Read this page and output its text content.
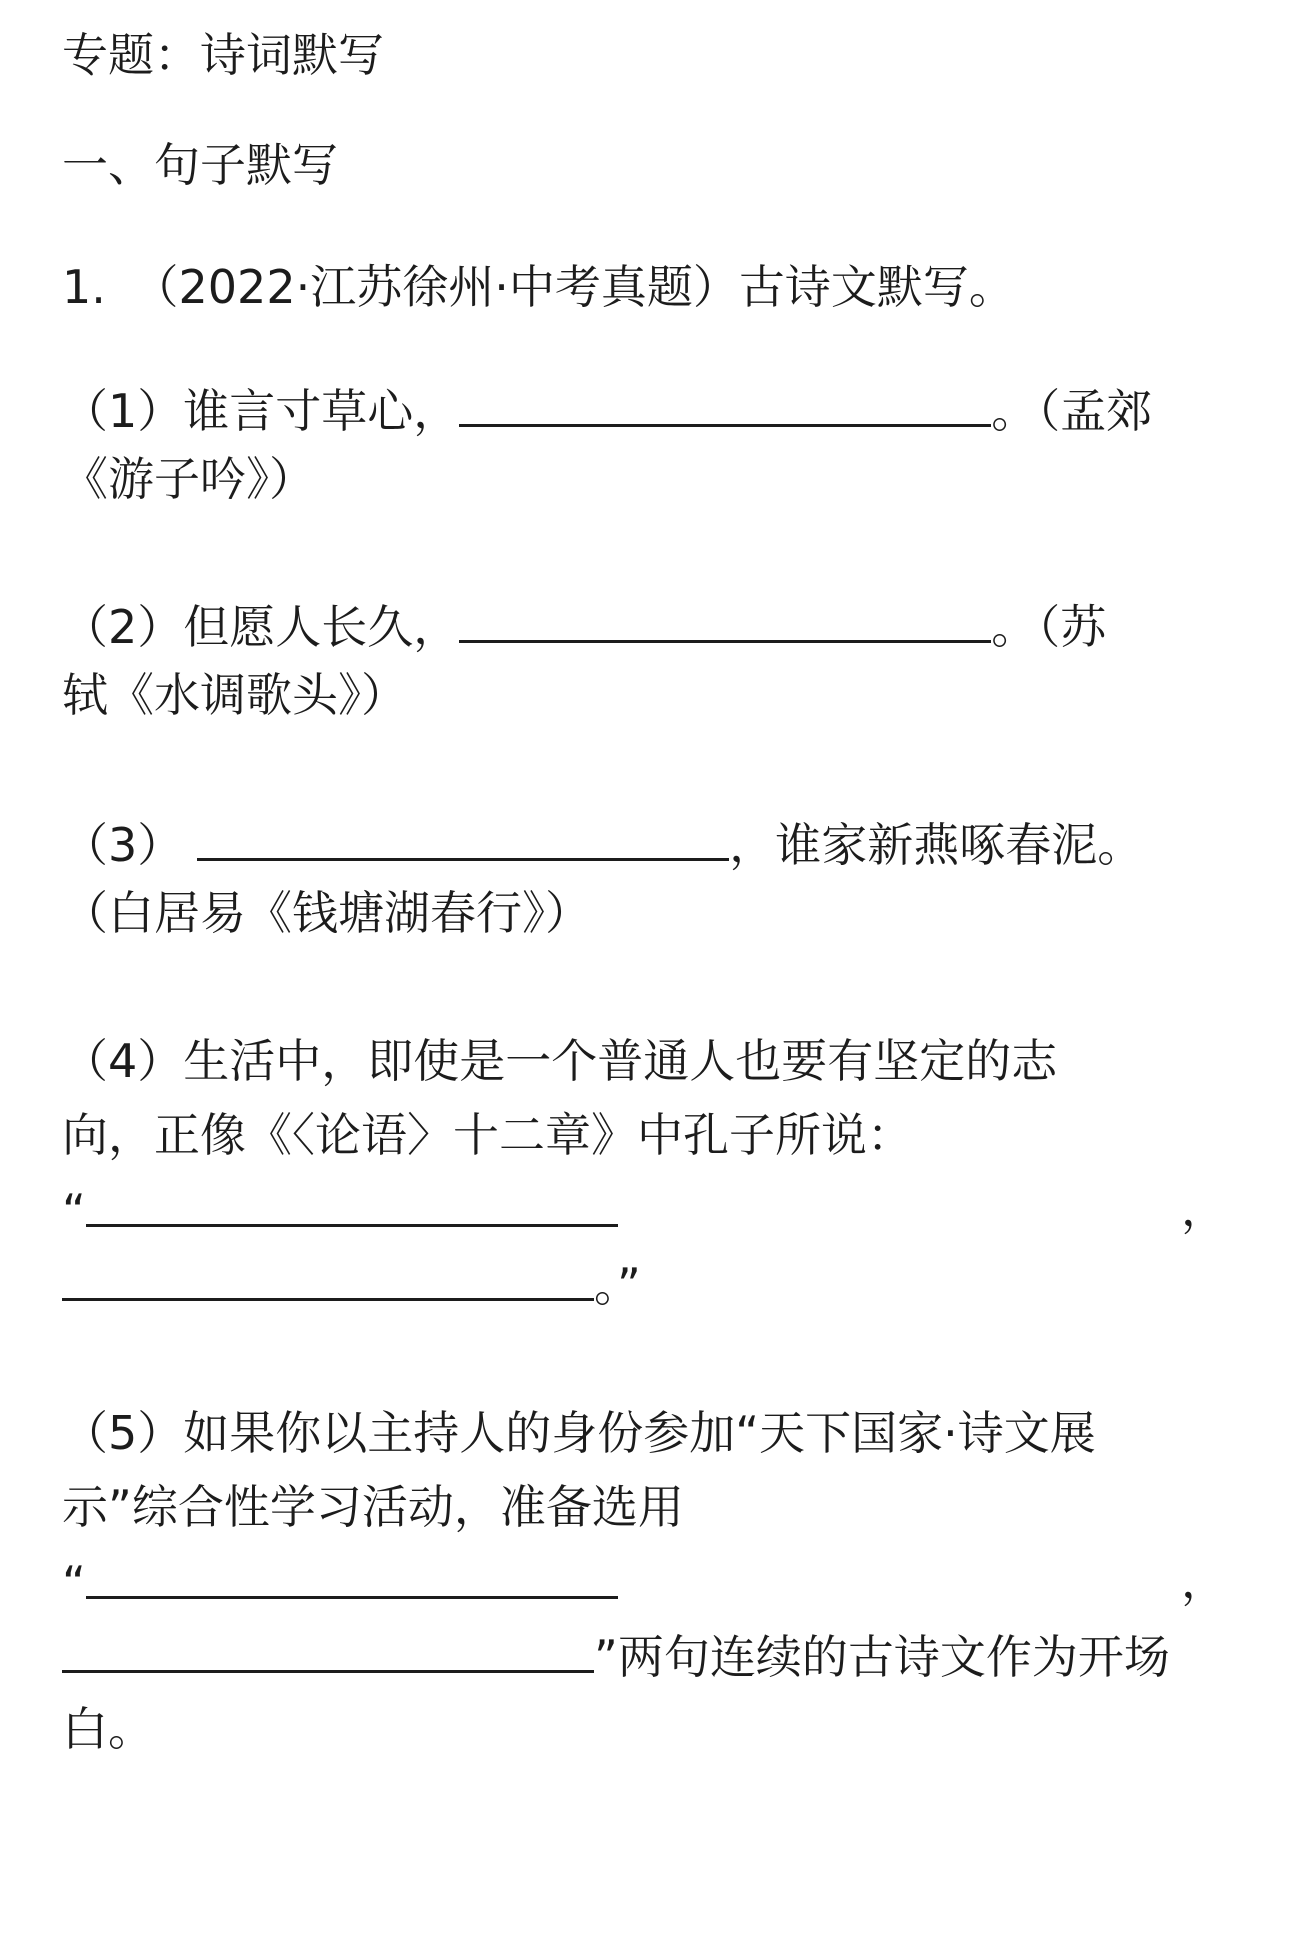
专题：诗词默写
一、句子默写
1. （2022·江苏徐州·中考真题）古诗文默写。
（1）谁言寸草心，	。（孟郊
《游子吟》）
（2）但愿人长久，	。（苏
轼《水调歌头》）
（3）	，谁家新燕啄春泥。
（白居易《钱塘湖春行》）
（4）生活中，即使是一个普通人也要有坚定的志
向，正像《〈论语〉十二章》中孔子所说：
“	，
。”
（5）如果你以主持人的身份参加“天下国家·诗文展
示”综合性学习活动，准备选用
“	，
”两句连续的古诗文作为开场
白。
